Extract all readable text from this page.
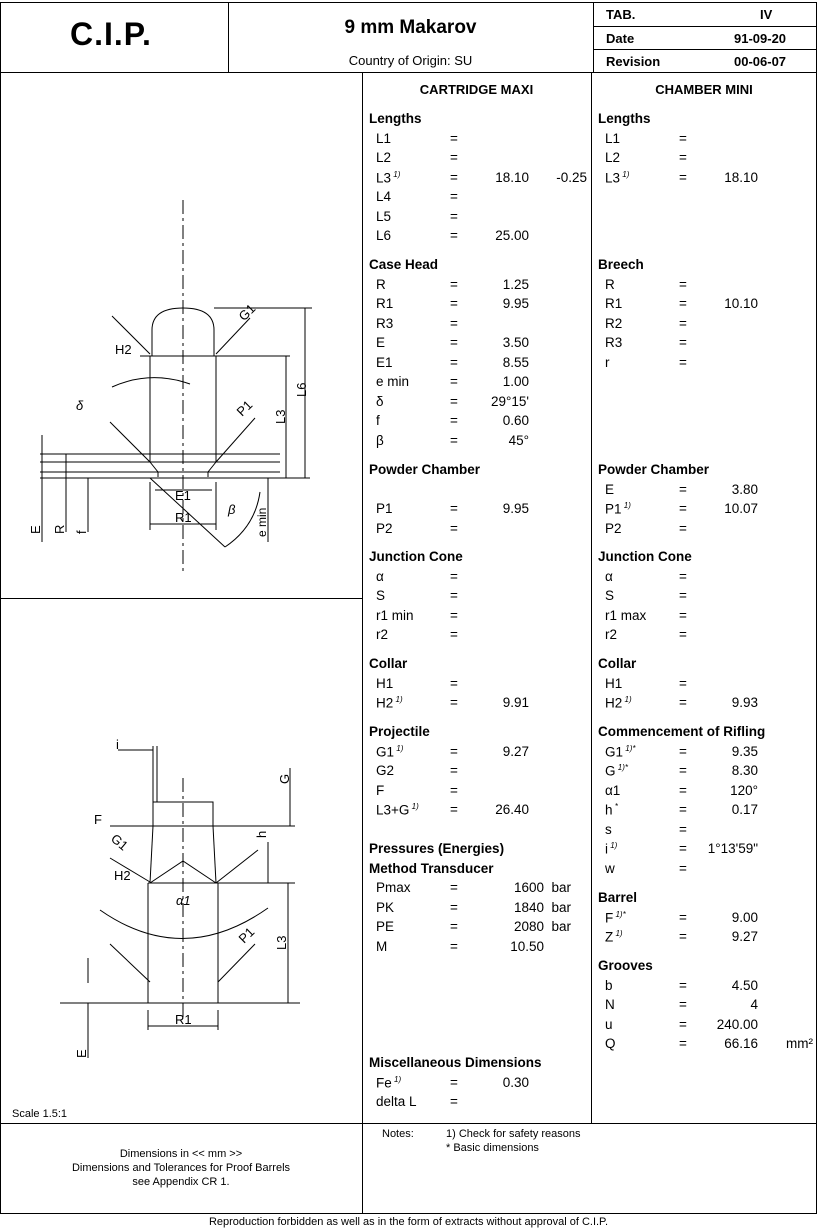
C.I.P.	9 mm Makarov
Country of Origin: SU
TAB.	IV
Date	91-09-20
Revision	00-06-07
CARTRIDGE MAXI	CHAMBER MINI
Lengths
L1	=
L2	=
L3 $^{1)}$	=	18.10 -0.25
L4	=
L5	=
L6	=	25.00
Case Head
R	=	1.25
R1	=	9.95
R3	=
E	=	3.50
E1	=	8.55
e min	=	1.00
δ	= 29°15'
f	=	0.60
β	=	45°
Powder Chamber
P1	=	9.95
P2	=
Junction Cone
α	=
S	=
r1 min	=
r2	=
Collar
H1	=
H2 $^{1)}$	=	9.91
Projectile
G1 $^{1)}$	=	9.27
G2	=
F	=
L3+G $^{1)}$ =	26.40
Pressures (Energies)
Method Transducer
Pmax	=	1600 bar
PK	=	1840 bar
PE	=	2080 bar
M	=	10.50
Miscellaneous Dimensions
Fe $^{1)}$	=	0.30
delta L =
Lengths
L1	=
L2	=
L3 $^{1)}$	=	18.10
Breech
R	=
R1	=	10.10
R2	=
R3	=
r	=
Powder Chamber
E	=	3.80
P1 $^{1)}$	=	10.07
P2	=
Junction Cone
α	=
S	=
r1 max =
r2	=
Collar
H1	=
H2 $^{1)}$	=	9.93
Commencement of Rifling
G1 $^{1)*}$	=	9.35
G $^{1)*}$	=	8.30
α1	=	120°
h *	=	0.17
s	=
i $^{1)}$	= 1°13'59"
w	=
Barrel
F $^{1)*}$	=	9.00
Z $^{1)}$	=	9.27
Grooves
b	=	4.50
N	=	4
u	= 240.00
Q	=	66.16 mm²
G1
H2
L6
L3
P1
δ
E1
R1
β e min
E R f
i
G
F
G1	h
H2
α1
P1 L3
R1
E
Scale 1.5:1
Dimensions in << mm >>
Dimensions and Tolerances for Proof Barrels
see Appendix CR 1.
Notes:	1) Check for safety reasons
* Basic dimensions
Reproduction forbidden as well as in the form of extracts without approval of C.I.P.
